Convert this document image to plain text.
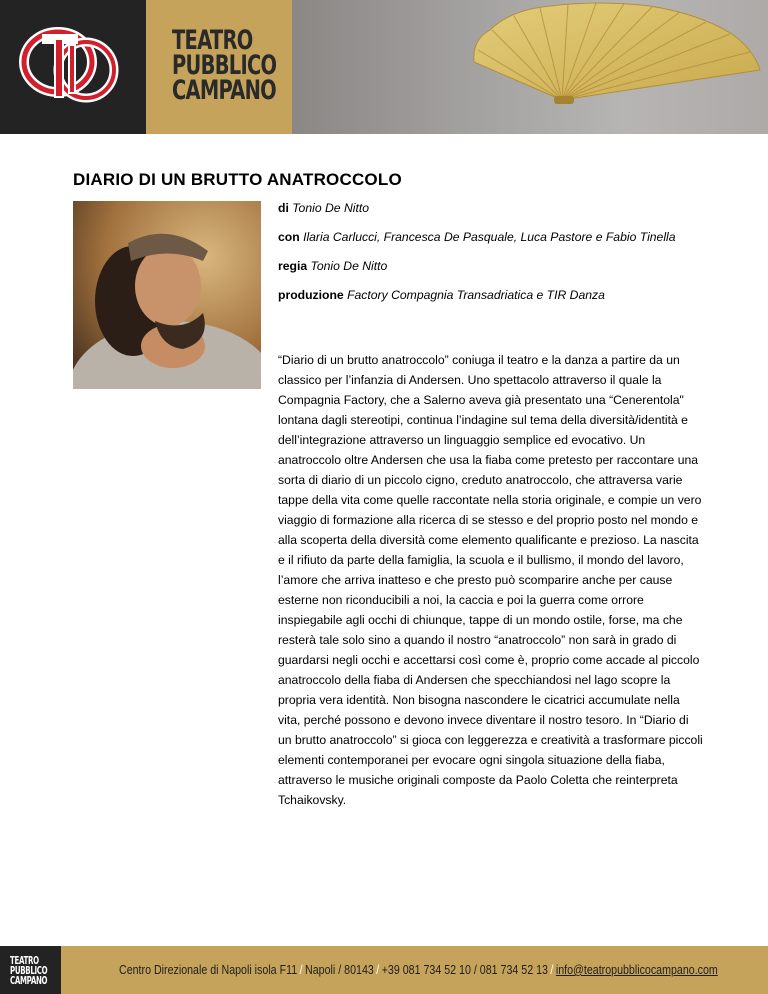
TEATRO
PUBBLICO
CAMPANO
DIARIO DI UN BRUTTO ANATROCCOLO

di Tonio De Nitto

con Ilaria Carlucci, Francesca De Pasquale, Luca Pastore e Fabio Tinella

regia Tonio De Nitto

produzione Factory Compagnia Transadriatica e TIR Danza

“Diario di un brutto anatroccolo” coniuga il teatro e la danza a partire da un classico per l’infanzia di Andersen. Uno spettacolo attraverso il quale la Compagnia Factory, che a Salerno aveva già presentato una “Cenerentola" lontana dagli stereotipi, continua l’indagine sul tema della diversità/identità e dell’integrazione attraverso un linguaggio semplice ed evocativo. Un anatroccolo oltre Andersen che usa la fiaba come pretesto per raccontare una sorta di diario di un piccolo cigno, creduto anatroccolo, che attraversa varie tappe della vita come quelle raccontate nella storia originale, e compie un vero viaggio di formazione alla ricerca di se stesso e del proprio posto nel mondo e alla scoperta della diversità come elemento qualificante e prezioso. La nascita e il rifiuto da parte della famiglia, la scuola e il bullismo, il mondo del lavoro, l’amore che arriva inatteso e che presto può scomparire anche per cause esterne non riconducibili a noi, la caccia e poi la guerra come orrore inspiegabile agli occhi di chiunque, tappe di un mondo ostile, forse, ma che resterà tale solo sino a quando il nostro “anatroccolo” non sarà in grado di guardarsi negli occhi e accettarsi così come è, proprio come accade al piccolo anatroccolo della fiaba di Andersen che specchiandosi nel lago scopre la propria vera identità. Non bisogna nascondere le cicatrici accumulate nella vita, perché possono e devono invece diventare il nostro tesoro. In “Diario di un brutto anatroccolo” si gioca con leggerezza e creatività a trasformare piccoli elementi contemporanei per evocare ogni singola situazione della fiaba, attraverso le musiche originali composte da Paolo Coletta che reinterpreta Tchaikovsky.

TEATRO
PUBBLICO
CAMPANO
Centro Direzionale di Napoli isola F11 / Napoli / 80143 / +39 081 734 52 10 / 081 734 52 13 / info@teatropubblicocampano.com
